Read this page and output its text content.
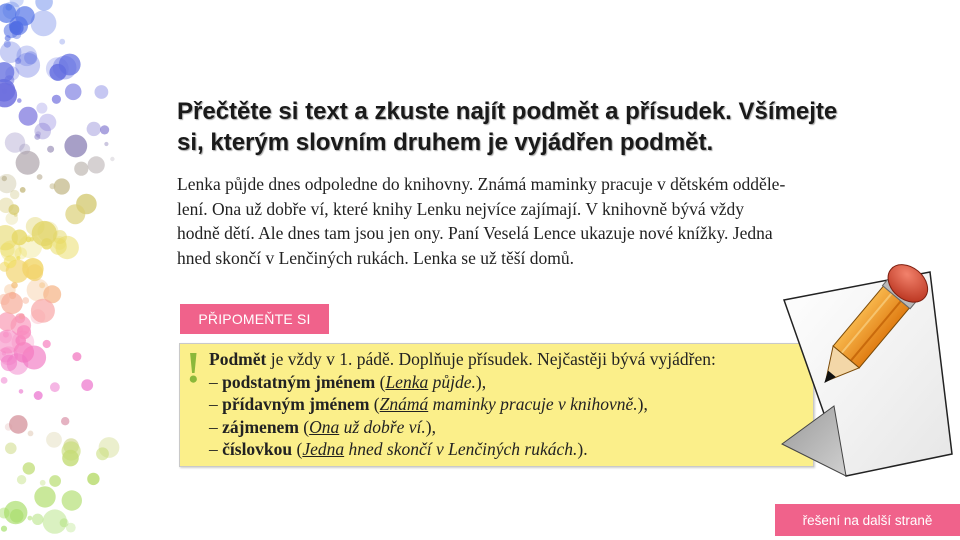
Přečtěte si text a zkuste najít podmět a přísudek. Všímejte
si, kterým slovním druhem je vyjádřen podmět.

Lenka půjde dnes odpoledne do knihovny. Známá maminky pracuje v dětském odděle-

lení. Ona už dobře ví, které knihy Lenku nejvíce zajímají. V knihovně bývá vždy

hodně dětí. Ale dnes tam jsou jen ony. Paní Veselá Lence ukazuje nové knížky. Jedna

hned skončí v Lenčiných rukách. Lenka se už těší domů.

PŘIPOMEŇTE SI
! Podmět je vždy v 1. pádě. Doplňuje přísudek. Nejčastěji bývá vyjádřen:
– podstatným jménem (Lenka půjde.),
– přídavným jménem (Známá maminky pracuje v knihovně.),
– zájmenem (Ona už dobře ví.),
– číslovkou (Jedna hned skončí v Lenčiných rukách.).
řešení na další straně
